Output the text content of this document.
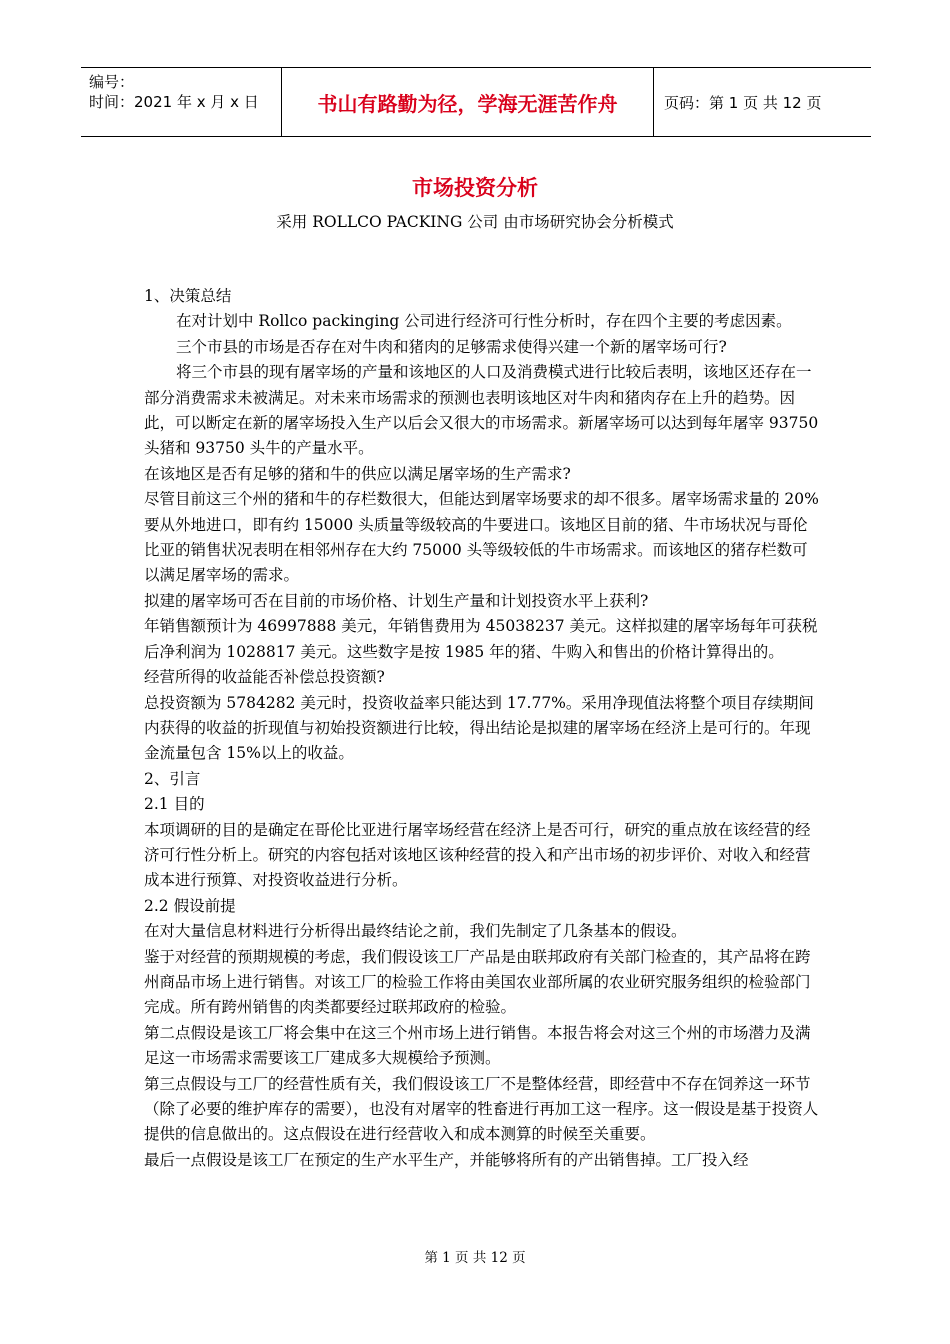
编号：
时间：2021 年 x 月 x 日	书山有路勤为径，学海无涯苦作舟	页码：第 1 页 共 12 页
市场投资分析
采用 ROLLCO PACKING 公司 由市场研究协会分析模式

1、决策总结

在对计划中 Rollco packinging 公司进行经济可行性分析时，存在四个主要的考虑因素。

三个市县的市场是否存在对牛肉和猪肉的足够需求使得兴建一个新的屠宰场可行?

将三个市县的现有屠宰场的产量和该地区的人口及消费模式进行比较后表明，该地区还存在一部分消费需求未被满足。对未来市场需求的预测也表明该地区对牛肉和猪肉存在上升的趋势。因此，可以断定在新的屠宰场投入生产以后会又很大的市场需求。新屠宰场可以达到每年屠宰 93750 头猪和 93750 头牛的产量水平。

在该地区是否有足够的猪和牛的供应以满足屠宰场的生产需求?

尽管目前这三个州的猪和牛的存栏数很大，但能达到屠宰场要求的却不很多。屠宰场需求量的 20%要从外地进口，即有约 15000 头质量等级较高的牛要进口。该地区目前的猪、牛市场状况与哥伦比亚的销售状况表明在相邻州存在大约 75000 头等级较低的牛市场需求。而该地区的猪存栏数可以满足屠宰场的需求。

拟建的屠宰场可否在目前的市场价格、计划生产量和计划投资水平上获利?

年销售额预计为 46997888 美元，年销售费用为 45038237 美元。这样拟建的屠宰场每年可获税后净利润为 1028817 美元。这些数字是按 1985 年的猪、牛购入和售出的价格计算得出的。

经营所得的收益能否补偿总投资额?

总投资额为 5784282 美元时，投资收益率只能达到 17.77%。采用净现值法将整个项目存续期间内获得的收益的折现值与初始投资额进行比较，得出结论是拟建的屠宰场在经济上是可行的。年现金流量包含 15%以上的收益。

2、引言

2.1 目的

本项调研的目的是确定在哥伦比亚进行屠宰场经营在经济上是否可行，研究的重点放在该经营的经济可行性分析上。研究的内容包括对该地区该种经营的投入和产出市场的初步评价、对收入和经营成本进行预算、对投资收益进行分析。

2.2 假设前提

在对大量信息材料进行分析得出最终结论之前，我们先制定了几条基本的假设。

鉴于对经营的预期规模的考虑，我们假设该工厂产品是由联邦政府有关部门检查的，其产品将在跨州商品市场上进行销售。对该工厂的检验工作将由美国农业部所属的农业研究服务组织的检验部门完成。所有跨州销售的肉类都要经过联邦政府的检验。

第二点假设是该工厂将会集中在这三个州市场上进行销售。本报告将会对这三个州的市场潜力及满足这一市场需求需要该工厂建成多大规模给予预测。

第三点假设与工厂的经营性质有关，我们假设该工厂不是整体经营，即经营中不存在饲养这一环节（除了必要的维护库存的需要），也没有对屠宰的牲畜进行再加工这一程序。这一假设是基于投资人提供的信息做出的。这点假设在进行经营收入和成本测算的时候至关重要。

最后一点假设是该工厂在预定的生产水平生产，并能够将所有的产出销售掉。工厂投入经

第 1 页 共 12 页
